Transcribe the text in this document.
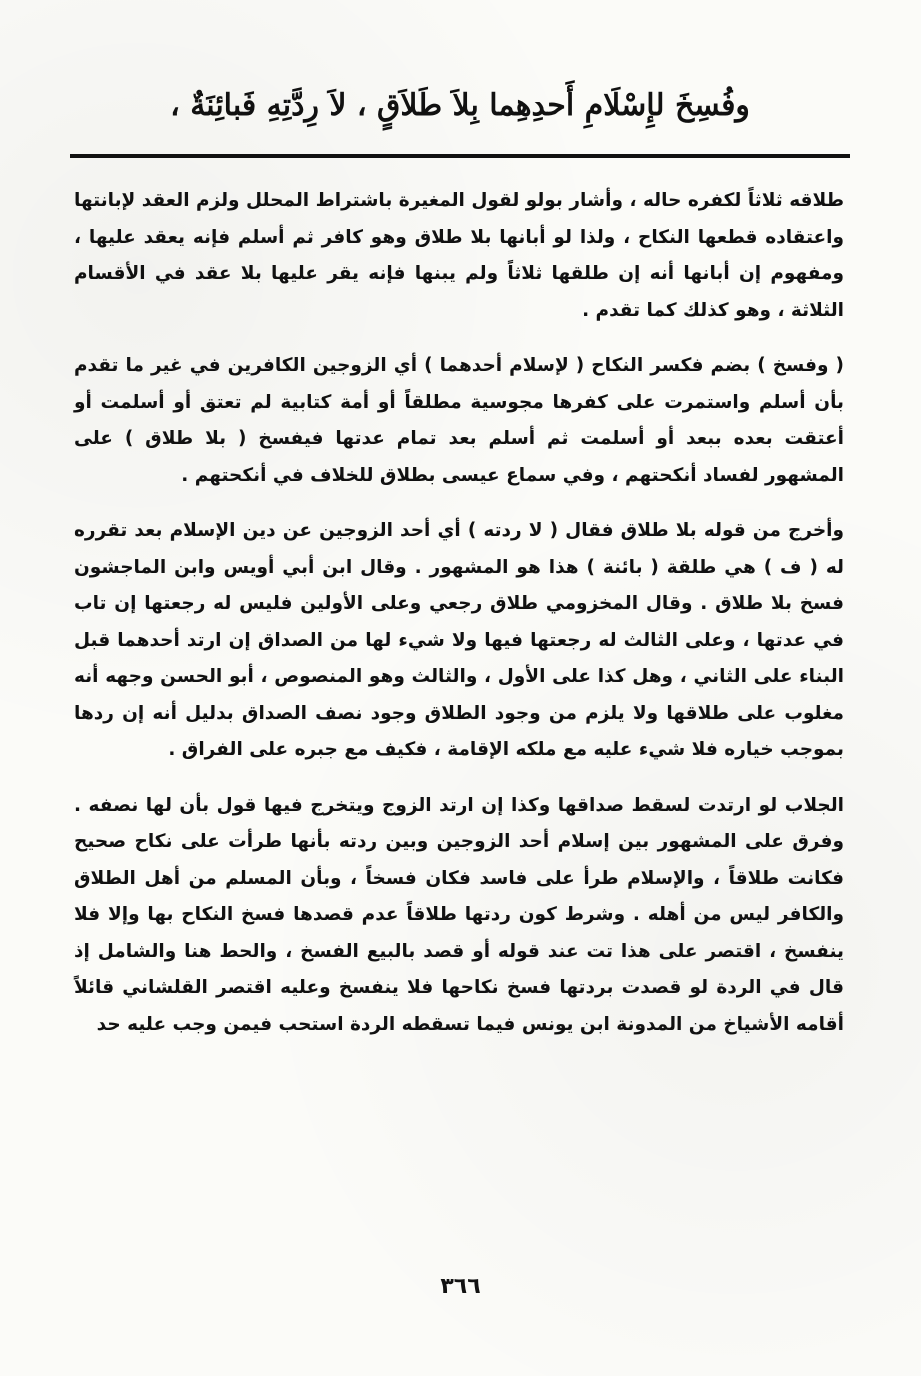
وفُسِخَ لإِسْلَامِ أَحدِهِما بِلاَ طَلاَقٍ ، لاَ رِدَّتِهِ فَبائِنَةٌ ،

طلاقه ثلاثاً لكفره حاله ، وأشار بولو لقول المغيرة باشتراط المحلل ولزم العقد لإبانتها واعتقاده قطعها النكاح ، ولذا لو أبانها بلا طلاق وهو كافر ثم أسلم فإنه يعقد عليها ، ومفهوم إن أبانها أنه إن طلقها ثلاثاً ولم يبنها فإنه يقر عليها بلا عقد في الأقسام الثلاثة ، وهو كذلك كما تقدم .

( وفسخ ) بضم فكسر النكاح ( لإسلام أحدهما ) أي الزوجين الكافرين في غير ما تقدم بأن أسلم واستمرت على كفرها مجوسية مطلقاً أو أمة كتابية لم تعتق أو أسلمت أو أعتقت بعده ببعد أو أسلمت ثم أسلم بعد تمام عدتها فيفسخ ( بلا طلاق ) على المشهور لفساد أنكحتهم ، وفي سماع عيسى بطلاق للخلاف في أنكحتهم .

وأخرج من قوله بلا طلاق فقال ( لا ردته ) أي أحد الزوجين عن دين الإسلام بعد تقرره له ( ف ) هي طلقة ( بائنة ) هذا هو المشهور . وقال ابن أبي أويس وابن الماجشون فسخ بلا طلاق . وقال المخزومي طلاق رجعي وعلى الأولين فليس له رجعتها إن تاب في عدتها ، وعلى الثالث له رجعتها فيها ولا شيء لها من الصداق إن ارتد أحدهما قبل البناء على الثاني ، وهل كذا على الأول ، والثالث وهو المنصوص ، أبو الحسن وجهه أنه مغلوب على طلاقها ولا يلزم من وجود الطلاق وجود نصف الصداق بدليل أنه إن ردها بموجب خياره فلا شيء عليه مع ملكه الإقامة ، فكيف مع جبره على الفراق .

الجلاب لو ارتدت لسقط صداقها وكذا إن ارتد الزوج ويتخرج فيها قول بأن لها نصفه . وفرق على المشهور بين إسلام أحد الزوجين وبين ردته بأنها طرأت على نكاح صحيح فكانت طلاقاً ، والإسلام طرأ على فاسد فكان فسخاً ، وبأن المسلم من أهل الطلاق والكافر ليس من أهله . وشرط كون ردتها طلاقاً عدم قصدها فسخ النكاح بها وإلا فلا ينفسخ ، اقتصر على هذا تت عند قوله أو قصد بالبيع الفسخ ، والحط هنا والشامل إذ قال في الردة لو قصدت بردتها فسخ نكاحها فلا ينفسخ وعليه اقتصر القلشاني قائلاً أقامه الأشياخ من المدونة ابن يونس فيما تسقطه الردة استحب فيمن وجب عليه حد

٣٦٦
